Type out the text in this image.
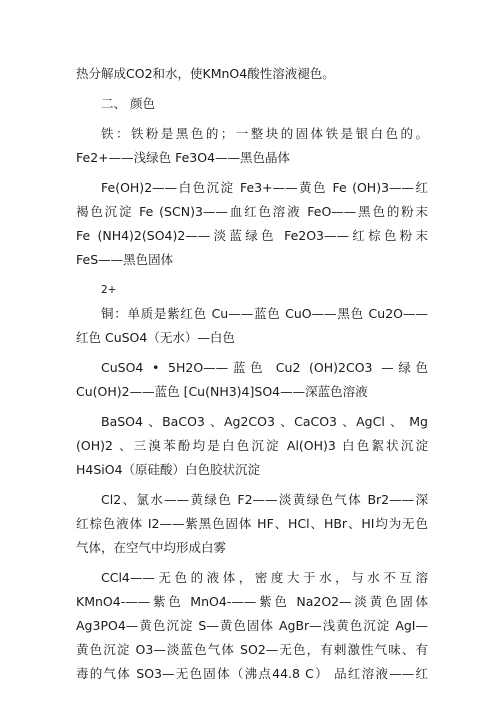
热分解成CO2和水，使KMnO4酸性溶液褪色。
二、 颜色
铁：铁粉是黑色的；一整块的固体铁是银白色的。
Fe2+——浅绿色 Fe3O4——黑色晶体
Fe(OH)2——白色沉淀 Fe3+——黄色 Fe (OH)3——红
褐色沉淀 Fe (SCN)3——血红色溶液 FeO——黑色的粉末
Fe (NH4)2(SO4)2——淡蓝绿色 Fe2O3——红棕色粉末
FeS——黑色固体
2+
铜：单质是紫红色 Cu——蓝色 CuO——黑色 Cu2O——
红色 CuSO4（无水）—白色
CuSO4 • 5H2O——蓝色 Cu2 (OH)2CO3 —绿色
Cu(OH)2——蓝色 [Cu(NH3)4]SO4——深蓝色溶液
BaSO4 、BaCO3 、Ag2CO3 、CaCO3 、AgCl 、 Mg
(OH)2 、三溴苯酚均是白色沉淀 Al(OH)3 白色絮状沉淀
H4SiO4（原硅酸）白色胶状沉淀
Cl2、氯水——黄绿色 F2——淡黄绿色气体 Br2——深
红棕色液体 I2——紫黑色固体 HF、HCl、HBr、HI均为无色
气体，在空气中均形成白雾
CCl4——无色的液体，密度大于水，与水不互溶
KMnO4-——紫色 MnO4-——紫色 Na2O2—淡黄色固体
Ag3PO4—黄色沉淀 S—黄色固体 AgBr—浅黄色沉淀 AgI—
黄色沉淀 O3—淡蓝色气体 SO2—无色，有剌激性气味、有
毒的气体 SO3—无色固体（沸点44.8 C） 品红溶液——红
